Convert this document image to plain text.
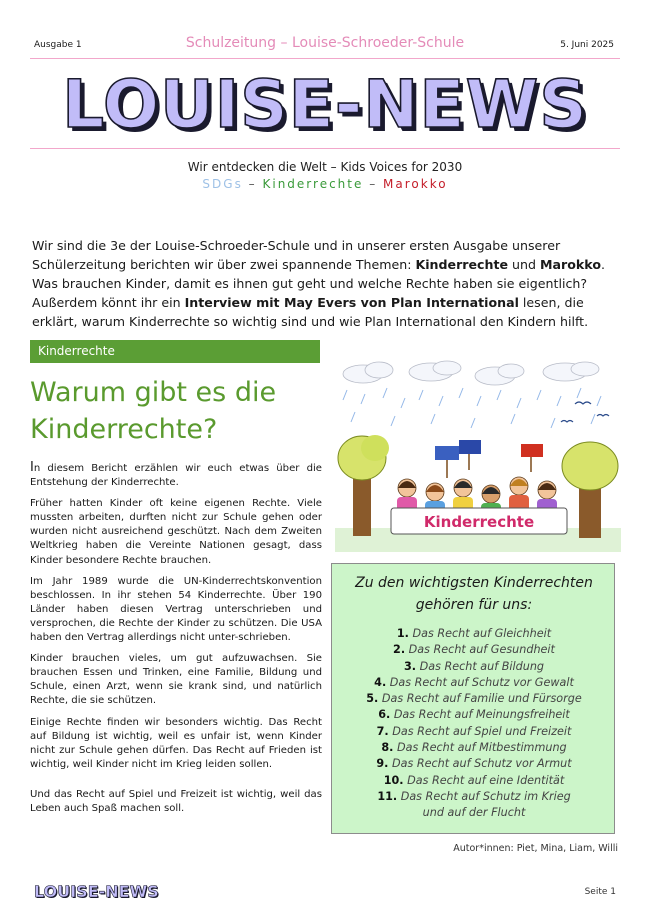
Ausgabe 1	Schulzeitung – Louise-Schroeder-Schule	5. Juni 2025
LOUISE-NEWS
Wir entdecken die Welt – Kids Voices for 2030
SDGs – Kinderrechte – Marokko
Wir sind die 3e der Louise-Schroeder-Schule und in unserer ersten Ausgabe unserer Schülerzeitung berichten wir über zwei spannende Themen: Kinderrechte und Marokko. Was brauchen Kinder, damit es ihnen gut geht und welche Rechte haben sie eigentlich? Außerdem könnt ihr ein Interview mit May Evers von Plan International lesen, die erklärt, warum Kinderrechte so wichtig sind und wie Plan International den Kindern hilft.
Kinderrechte
Warum gibt es die Kinderrechte?

In diesem Bericht erzählen wir euch etwas über die Entstehung der Kinderrechte.

Früher hatten Kinder oft keine eigenen Rechte. Viele mussten arbeiten, durften nicht zur Schule gehen oder wurden nicht ausreichend geschützt. Nach dem Zweiten Weltkrieg haben die Vereinte Nationen gesagt, dass Kinder besondere Rechte brauchen.

Im Jahr 1989 wurde die UN-Kinderrechtskonvention beschlossen. In ihr stehen 54 Kinderrechte. Über 190 Länder haben diesen Vertrag unterschrieben und versprochen, die Rechte der Kinder zu schützen. Die USA haben den Vertrag allerdings nicht unter-schrieben.

Kinder brauchen vieles, um gut aufzuwachsen. Sie brauchen Essen und Trinken, eine Familie, Bildung und Schule, einen Arzt, wenn sie krank sind, und natürlich Rechte, die sie schützen.

Einige Rechte finden wir besonders wichtig. Das Recht auf Bildung ist wichtig, weil es unfair ist, wenn Kinder nicht zur Schule gehen dürfen. Das Recht auf Frieden ist wichtig, weil Kinder nicht im Krieg leiden sollen.

Und das Recht auf Spiel und Freizeit ist wichtig, weil das Leben auch Spaß machen soll.

Kinderrechte
Zu den wichtigsten Kinderrechten
gehören für uns:
1. Das Recht auf Gleichheit
2. Das Recht auf Gesundheit
3. Das Recht auf Bildung
4. Das Recht auf Schutz vor Gewalt
5. Das Recht auf Familie und Fürsorge
6. Das Recht auf Meinungsfreiheit
7. Das Recht auf Spiel und Freizeit
8. Das Recht auf Mitbestimmung
9. Das Recht auf Schutz vor Armut
10. Das Recht auf eine Identität
11. Das Recht auf Schutz im Krieg
und auf der Flucht
Autor*innen: Piet, Mina, Liam, Willi
LOUISE-NEWS	Seite 1
